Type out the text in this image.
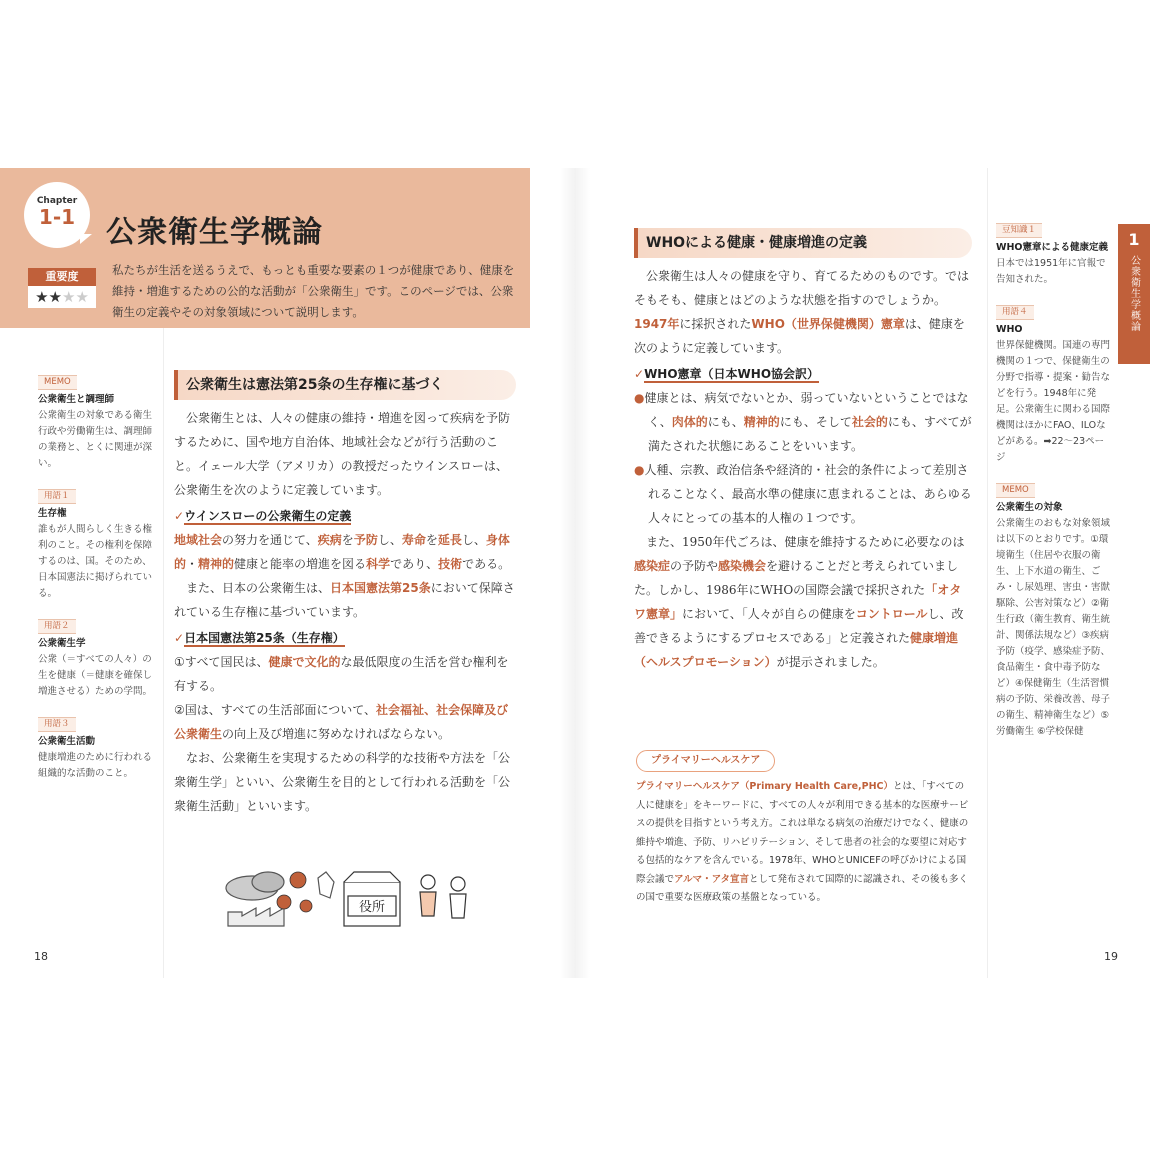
Chapter
1-1	公衆衛生学概論
重要度
★★★★
私たちが生活を送るうえで、もっとも重要な要素の１つが健康であり、健康を維持・増進するための公的な活動が「公衆衛生」です。このページでは、公衆衛生の定義やその対象領域について説明します。
MEMO
公衆衛生と調理師
公衆衛生の対象である衛生行政や労働衛生は、調理師の業務と、とくに関連が深い。
用語１
生存権
誰もが人間らしく生きる権利のこと。その権利を保障するのは、国。そのため、日本国憲法に掲げられている。
用語２
公衆衛生学
公衆（＝すべての人々）の生を健康（＝健康を確保し増進させる）ための学問。
用語３
公衆衛生活動
健康増進のために行われる組織的な活動のこと。
公衆衛生は憲法第25条の生存権に基づく

公衆衛生とは、人々の健康の維持・増進を図って疾病を予防するために、国や地方自治体、地域社会などが行う活動のこと。イェール大学（アメリカ）の教授だったウインスローは、公衆衛生を次のように定義しています。

✓ウインスローの公衆衛生の定義

地域社会の努力を通じて、疾病を予防し、寿命を延長し、身体的・精神的健康と能率の増進を図る科学であり、技術である。

また、日本の公衆衛生は、日本国憲法第25条において保障されている生存権に基づいています。

✓日本国憲法第25条（生存権）

①すべて国民は、健康で文化的な最低限度の生活を営む権利を有する。

②国は、すべての生活部面について、社会福祉、社会保障及び公衆衛生の向上及び増進に努めなければならない。

なお、公衆衛生を実現するための科学的な技術や方法を「公衆衛生学」といい、公衆衛生を目的として行われる活動を「公衆衛生活動」といいます。

役所
18
WHOによる健康・健康増進の定義

公衆衛生は人々の健康を守り、育てるためのものです。ではそもそも、健康とはどのような状態を指すのでしょうか。1947年に採択されたWHO（世界保健機関）憲章は、健康を次のように定義しています。

✓WHO憲章（日本WHO協会訳）

●健康とは、病気でないとか、弱っていないということではなく、肉体的にも、精神的にも、そして社会的にも、すべてが満たされた状態にあることをいいます。

●人種、宗教、政治信条や経済的・社会的条件によって差別されることなく、最高水準の健康に恵まれることは、あらゆる人々にとっての基本的人権の１つです。

また、1950年代ごろは、健康を維持するために必要なのは感染症の予防や感染機会を避けることだと考えられていました。しかし、1986年にWHOの国際会議で採択された「オタワ憲章」において、「人々が自らの健康をコントロールし、改善できるようにするプロセスである」と定義された健康増進（ヘルスプロモーション）が提示されました。

プライマリーヘルスケア
プライマリーヘルスケア（Primary Health Care,PHC）とは、「すべての人に健康を」をキーワードに、すべての人々が利用できる基本的な医療サービスの提供を目指すという考え方。これは単なる病気の治療だけでなく、健康の維持や増進、予防、リハビリテーション、そして患者の社会的な要望に対応する包括的なケアを含んでいる。1978年、WHOとUNICEFの呼びかけによる国際会議でアルマ・アタ宣言として発布されて国際的に認識され、その後も多くの国で重要な医療政策の基盤となっている。
19
豆知識１
WHO憲章による健康定義
日本では1951年に官報で告知された。
用語４
WHO
世界保健機関。国連の専門機関の１つで、保健衛生の分野で指導・提案・勧告などを行う。1948年に発足。公衆衛生に関わる国際機関はほかにFAO、ILOなどがある。➡22〜23ページ
MEMO
公衆衛生の対象
公衆衛生のおもな対象領域は以下のとおりです。①環境衛生（住居や衣服の衛生、上下水道の衛生、ごみ・し尿処理、害虫・害獣駆除、公害対策など）②衛生行政（衛生教育、衛生統計、関係法規など）③疾病予防（疫学、感染症予防、食品衛生・食中毒予防など）④保健衛生（生活習慣病の予防、栄養改善、母子の衛生、精神衛生など）⑤労働衛生 ⑥学校保健
1
公衆衛生学概論
